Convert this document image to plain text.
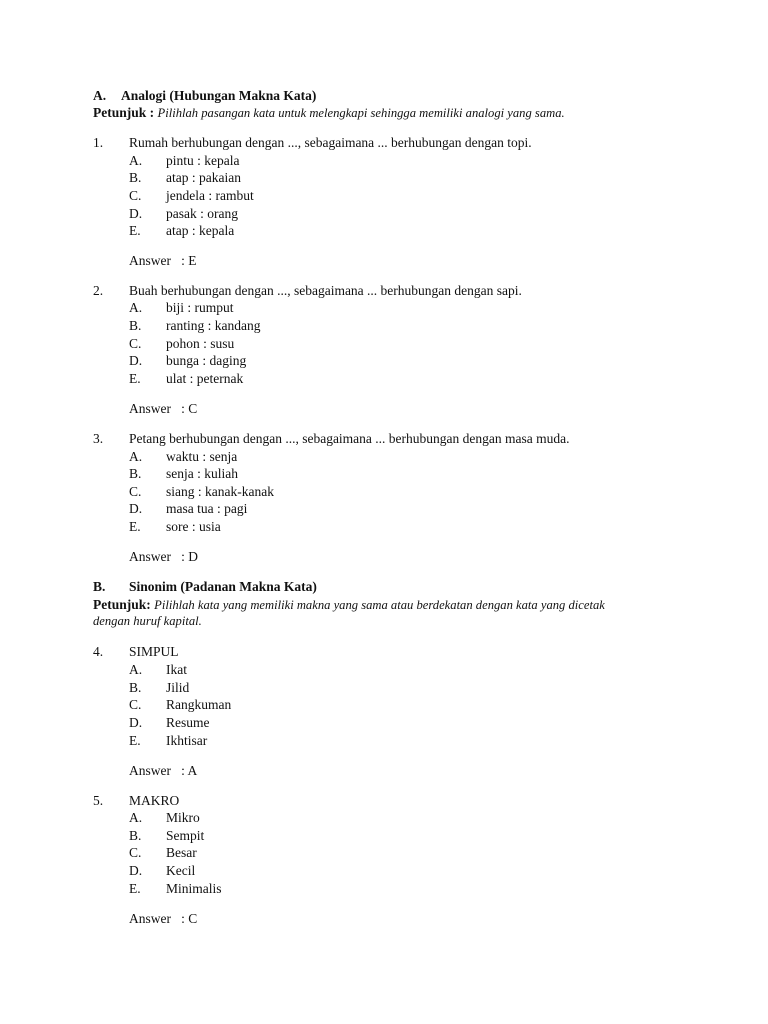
A. Analogi (Hubungan Makna Kata)
Petunjuk : Pilihlah pasangan kata untuk melengkapi sehingga memiliki analogi yang sama.
1. Rumah berhubungan dengan ..., sebagaimana ... berhubungan dengan topi.
A. pintu : kepala
B. atap : pakaian
C. jendela : rambut
D. pasak : orang
E. atap : kepala
Answer   : E
2. Buah berhubungan dengan ..., sebagaimana ... berhubungan dengan sapi.
A. biji : rumput
B. ranting : kandang
C. pohon : susu
D. bunga : daging
E. ulat : peternak
Answer   : C
3. Petang berhubungan dengan ..., sebagaimana ... berhubungan dengan masa muda.
A. waktu : senja
B. senja : kuliah
C. siang : kanak-kanak
D. masa tua : pagi
E. sore : usia
Answer   : D
B. Sinonim (Padanan Makna Kata)
Petunjuk: Pilihlah kata yang memiliki makna yang sama atau berdekatan dengan kata yang dicetak
dengan huruf kapital.
4. SIMPUL
A. Ikat
B. Jilid
C. Rangkuman
D. Resume
E. Ikhtisar
Answer   : A
5. MAKRO
A. Mikro
B. Sempit
C. Besar
D. Kecil
E. Minimalis
Answer   : C
